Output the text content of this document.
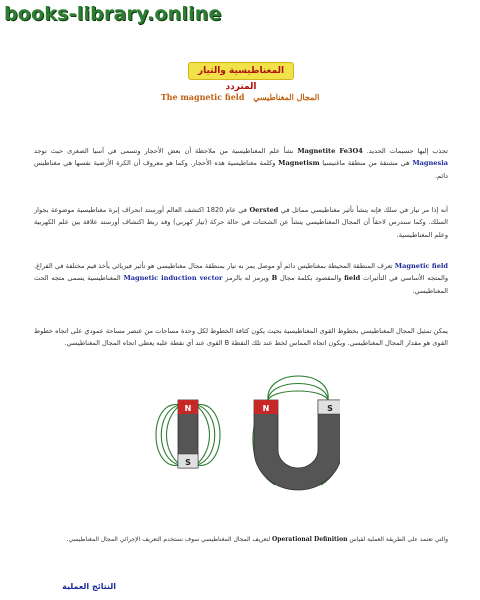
books-library.online
المغناطيسية والتيار المتردد
The magnetic field المجال المغناطيسي

تجذب إليها جسيمات الحديد. Magnetite Fe3O4 نشأ علم المغناطيسية من ملاحظة أن بعض الأحجار وتسمى في آسيا الصغرى حيث توجد Magnesia هي مشتقة من منطقة ماغنيسيا Magnetism وكلمة مغناطيسية هذه الأحجار. وكما هو معروف أن الكرة الأرضية نفسها هي مغناطيس دائم.

أنه إذا مر تيار في سلك فإنه ينشأ تأثير مغناطيسي مماثل في Oersted في عام 1820 اكتشف العالم أورستد انحراف إبرة مغناطيسية موضوعة بجوار السلك. وكما سندرس لاحقاً أن المجال المغناطيسي ينشأ عن الشحنات في حالة حركة (تيار كهربي) وقد ربط اكتشاف أورستد علاقة بين علم الكهربية وعلم المغناطيسية.

Magnetic field تعرف المنطقة المحيطة بمغناطيس دائم أو موصل يمر به تيار بمنطقة مجال مغناطيسي هو تأثير فيزيائي يأخذ قيم مختلفة في الفراغ. والمتجه الأساسي في التأثيرات field والمقصود بكلمة مجال B ويرمز له بالرمز Magnetic induction vector المغناطيسية يسمى متجه الحث المغناطيسي.

يمكن تمثيل المجال المغناطيسي بخطوط القوى المغناطيسية بحيث يكون كثافة الخطوط لكل وحدة مساحات من عنصر مساحة عمودي على اتجاه خطوط القوى هو مقدار المجال المغناطيسي. ويكون اتجاه المماس لخط عند تلك النقطة B القوى عند أي نقطة عليه يعطي اتجاه المجال المغناطيسي.

N
S
N	S

والتي تعتمد على الطريقة العملية لقياس Operational Definition لتعريف المجال المغناطيسي سوف نستخدم التعريف الإجرائي المجال المغناطيسي.

النتائج العملية
